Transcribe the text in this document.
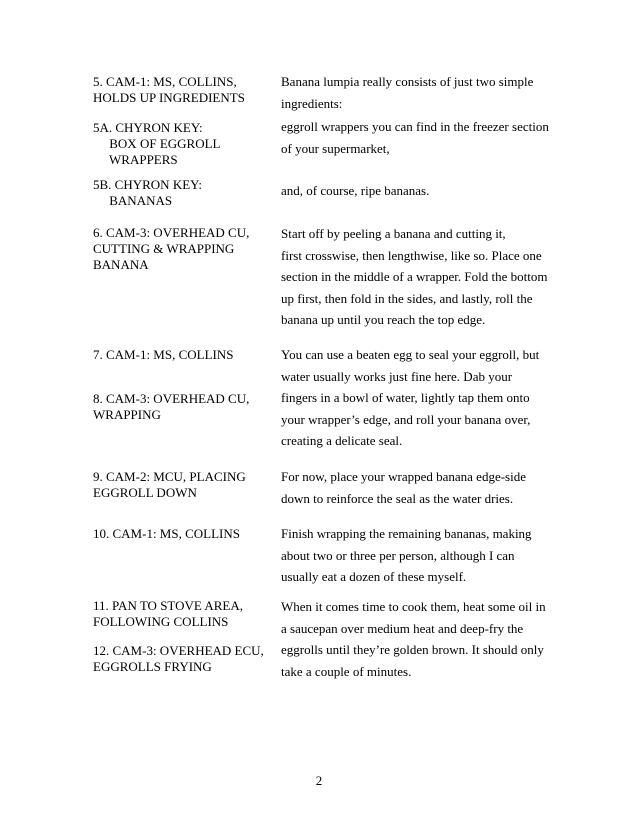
5. CAM-1: MS, COLLINS,
HOLDS UP INGREDIENTS
5A. CHYRON KEY:
BOX OF EGGROLL
WRAPPERS
5B. CHYRON KEY:
BANANAS
6. CAM-3: OVERHEAD CU,
CUTTING & WRAPPING
BANANA
7. CAM-1: MS, COLLINS
8. CAM-3: OVERHEAD CU,
WRAPPING
9. CAM-2: MCU, PLACING
EGGROLL DOWN
10. CAM-1: MS, COLLINS
11. PAN TO STOVE AREA,
FOLLOWING COLLINS
12. CAM-3: OVERHEAD ECU,
EGGROLLS FRYING
Banana lumpia really consists of just two simple
ingredients:
eggroll wrappers you can find in the freezer section
of your supermarket,
and, of course, ripe bananas.
Start off by peeling a banana and cutting it,
first crosswise, then lengthwise, like so. Place one
section in the middle of a wrapper. Fold the bottom
up first, then fold in the sides, and lastly, roll the
banana up until you reach the top edge.
You can use a beaten egg to seal your eggroll, but
water usually works just fine here. Dab your
fingers in a bowl of water, lightly tap them onto
your wrapper’s edge, and roll your banana over,
creating a delicate seal.
For now, place your wrapped banana edge-side
down to reinforce the seal as the water dries.
Finish wrapping the remaining bananas, making
about two or three per person, although I can
usually eat a dozen of these myself.
When it comes time to cook them, heat some oil in
a saucepan over medium heat and deep-fry the
eggrolls until they’re golden brown. It should only
take a couple of minutes.
2
